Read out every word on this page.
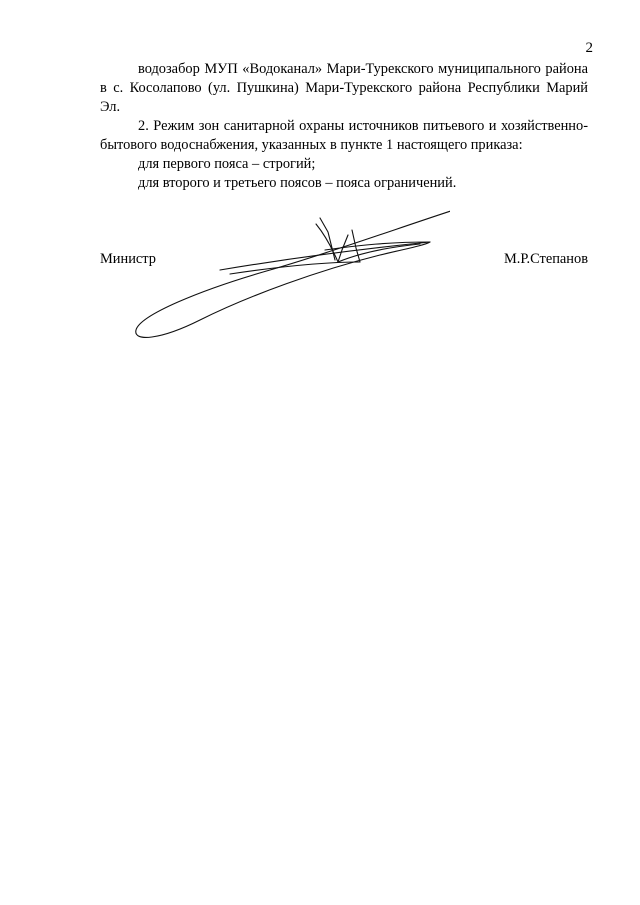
2

водозабор МУП «Водоканал» Мари-Турекского муниципального района в с. Косолапово (ул. Пушкина) Мари-Турекского района Республики Марий Эл.

2. Режим зон санитарной охраны источников питьевого и хозяйственно-бытового водоснабжения, указанных в пункте 1 настоящего приказа:

для первого пояса – строгий;

для второго и третьего поясов – пояса ограничений.

Министр	М.Р.Степанов
